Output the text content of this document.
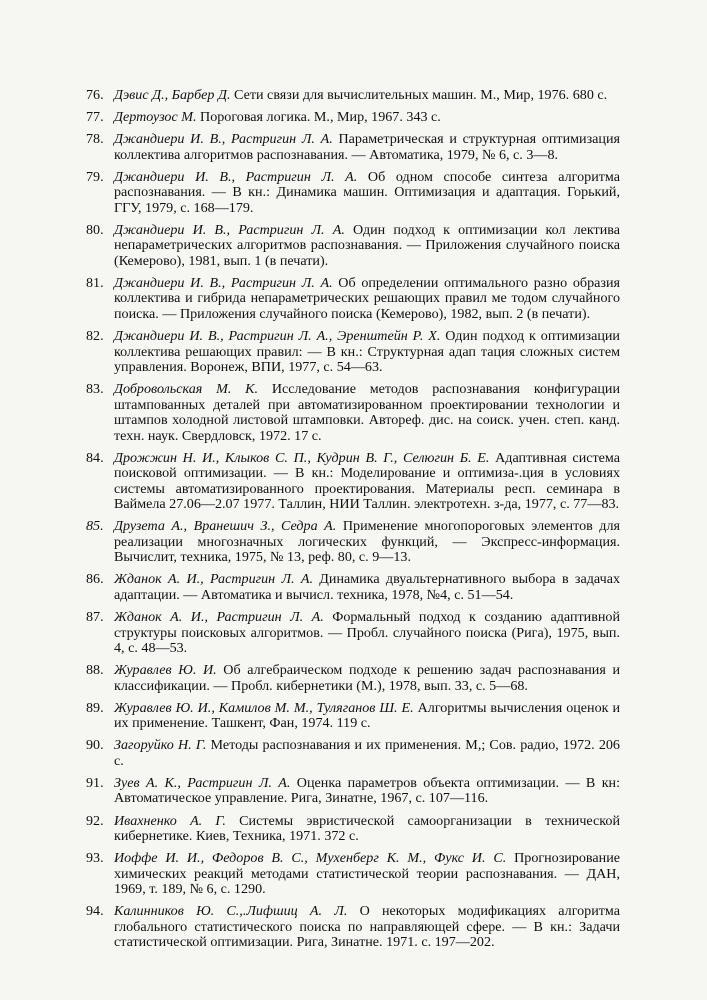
76. Дэвис Д., Барбер Д. Сети связи для вычислительных машин. М., Мир, 1976. 680 с.
77. Дертоузос М. Пороговая логика. М., Мир, 1967. 343 с.
78. Джандиери И. В., Растригин Л. А. Параметрическая и структурная оптимизация коллектива алгоритмов распознавания. — Автоматика, 1979, № 6, с. 3—8.
79. Джандиери И. В., Растригин Л. А. Об одном способе синтеза алгоритма распознавания. — В кн.: Динамика машин. Оптимизация и адаптация. Горький, ГГУ, 1979, с. 168—179.
80. Джандиери И. В., Растригин Л. А. Один подход к оптимизации кол лектива непараметрических алгоритмов распознавания. — Приложения случайного поиска (Кемерово), 1981, вып. 1 (в печати).
81. Джандиери И. В., Растригин Л. А. Об определении оптимального разно образия коллектива и гибрида непараметрических решающих правил ме тодом случайного поиска. — Приложения случайного поиска (Кемерово), 1982, вып. 2 (в печати).
82. Джандиери И. В., Растригин Л. А., Эренштейн Р. X. Один подход к оптимизации коллектива решающих правил: — В кн.: Структурная адап тация сложных систем управления. Воронеж, ВПИ, 1977, с. 54—63.
83. Добровольская М. К. Исследование методов распознавания конфигурации штампованных деталей при автоматизированном проектировании технологии и штампов холодной листовой штамповки. Автореф. дис. на соиск. учен. степ. канд. техн. наук. Свердловск, 1972. 17 с.
84. Дрожжин Н. И., Клыков С. П., Кудрин В. Г., Селюгин Б. Е. Адаптивная система поисковой оптимизации. — В кн.: Моделирование и оптимиза-.ция в условиях системы автоматизированного проектирования. Материалы респ. семинара в Ваймела 27.06—2.07 1977. Таллин, НИИ Таллин. электротехн. з-да, 1977, с. 77—83.
85. Друзета А., Вранешич З., Седра А. Применение многопороговых элементов для реализации многозначных логических функций, — Экспресс-информация. Вычислит, техника, 1975, № 13, реф. 80, с. 9—13.
86. Жданок А. И., Растригин Л. А. Динамика двуальтернативного выбора в задачах адаптации. — Автоматика и вычисл. техника, 1978, №4, с. 51—54.
87. Жданок А. И., Растригин Л. А. Формальный подход к созданию адаптивной структуры поисковых алгоритмов. — Пробл. случайного поиска (Рига), 1975, вып. 4, с. 48—53.
88. Журавлев Ю. И. Об алгебраическом подходе к решению задач распознавания и классификации. — Пробл. кибернетики (М.), 1978, вып. 33, с. 5—68.
89. Журавлев Ю. И., Камилов М. М., Туляганов Ш. Е. Алгоритмы вычисления оценок и их применение. Ташкент, Фан, 1974. 119 с.
90. Загоруйко Н. Г. Методы распознавания и их применения. М,; Сов. радио, 1972. 206 с.
91. Зуев А. К., Растригин Л. А. Оценка параметров объекта оптимизации. — В кн: Автоматическое управление. Рига, Зинатне, 1967, с. 107—116.
92. Ивахненко А. Г. Системы эвристической самоорганизации в технической кибернетике. Киев, Техника, 1971. 372 с.
93. Иоффе И. И., Федоров В. С., Мухенберг К. М., Фукс И. С. Прогнозирование химических реакций методами статистической теории распознавания. — ДАН, 1969, т. 189, № 6, с. 1290.
94. Калинников Ю. С.,.Лифшиц А. Л. О некоторых модификациях алгоритма глобального статистического поиска по направляющей сфере. — В кн.: Задачи статистической оптимизации. Рига, Зинатне. 1971. с. 197—202.
